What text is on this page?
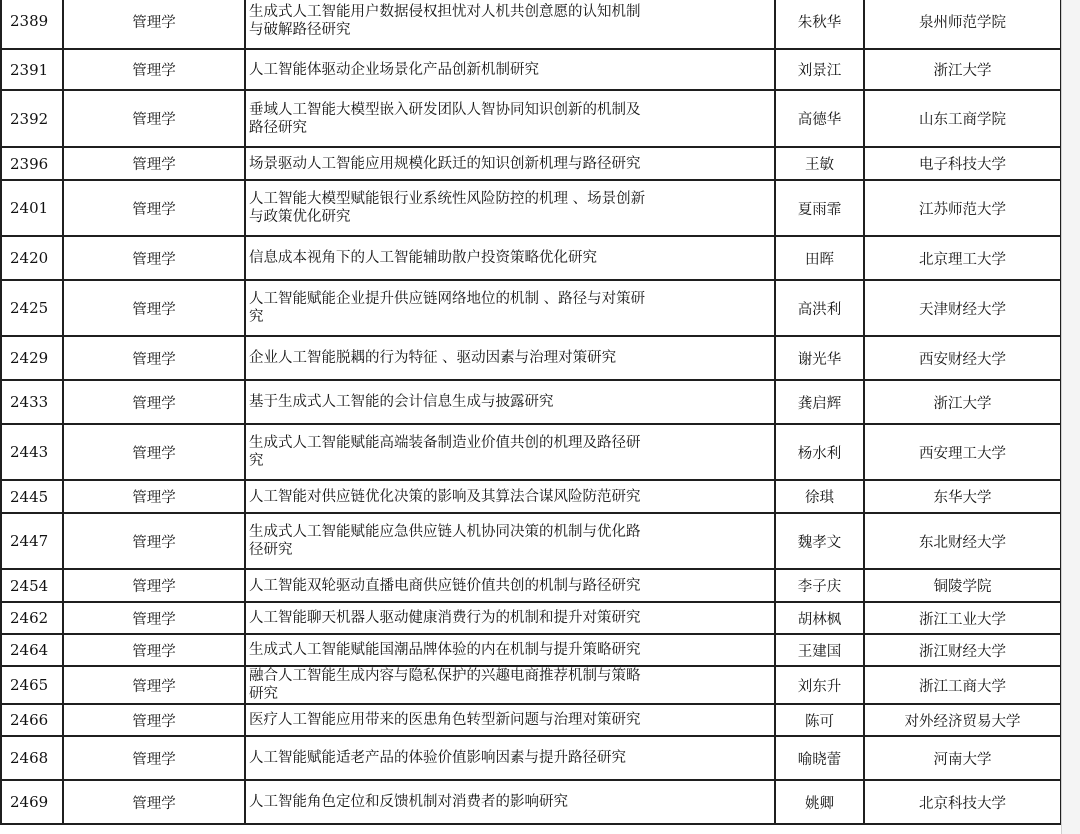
2389	管理学	生成式人工智能用户数据侵权担忧对人机共创意愿的认知机制与破解路径研究	朱秋华	泉州师范学院
2391	管理学	人工智能体驱动企业场景化产品创新机制研究	刘景江	浙江大学
2392	管理学	垂域人工智能大模型嵌入研发团队人智协同知识创新的机制及路径研究	高德华	山东工商学院
2396	管理学	场景驱动人工智能应用规模化跃迁的知识创新机理与路径研究	王敏	电子科技大学
2401	管理学	人工智能大模型赋能银行业系统性风险防控的机理 、场景创新与政策优化研究	夏雨霏	江苏师范大学
2420	管理学	信息成本视角下的人工智能辅助散户投资策略优化研究	田晖	北京理工大学
2425	管理学	人工智能赋能企业提升供应链网络地位的机制 、路径与对策研究	高洪利	天津财经大学
2429	管理学	企业人工智能脱耦的行为特征 、驱动因素与治理对策研究	谢光华	西安财经大学
2433	管理学	基于生成式人工智能的会计信息生成与披露研究	龚启辉	浙江大学
2443	管理学	生成式人工智能赋能高端装备制造业价值共创的机理及路径研究	杨水利	西安理工大学
2445	管理学	人工智能对供应链优化决策的影响及其算法合谋风险防范研究	徐琪	东华大学
2447	管理学	生成式人工智能赋能应急供应链人机协同决策的机制与优化路径研究	魏孝文	东北财经大学
2454	管理学	人工智能双轮驱动直播电商供应链价值共创的机制与路径研究	李子庆	铜陵学院
2462	管理学	人工智能聊天机器人驱动健康消费行为的机制和提升对策研究	胡林枫	浙江工业大学
2464	管理学	生成式人工智能赋能国潮品牌体验的内在机制与提升策略研究	王建国	浙江财经大学
2465	管理学	融合人工智能生成内容与隐私保护的兴趣电商推荐机制与策略研究	刘东升	浙江工商大学
2466	管理学	医疗人工智能应用带来的医患角色转型新问题与治理对策研究	陈可	对外经济贸易大学
2468	管理学	人工智能赋能适老产品的体验价值影响因素与提升路径研究	喻晓蕾	河南大学
2469	管理学	人工智能角色定位和反馈机制对消费者的影响研究	姚卿	北京科技大学
